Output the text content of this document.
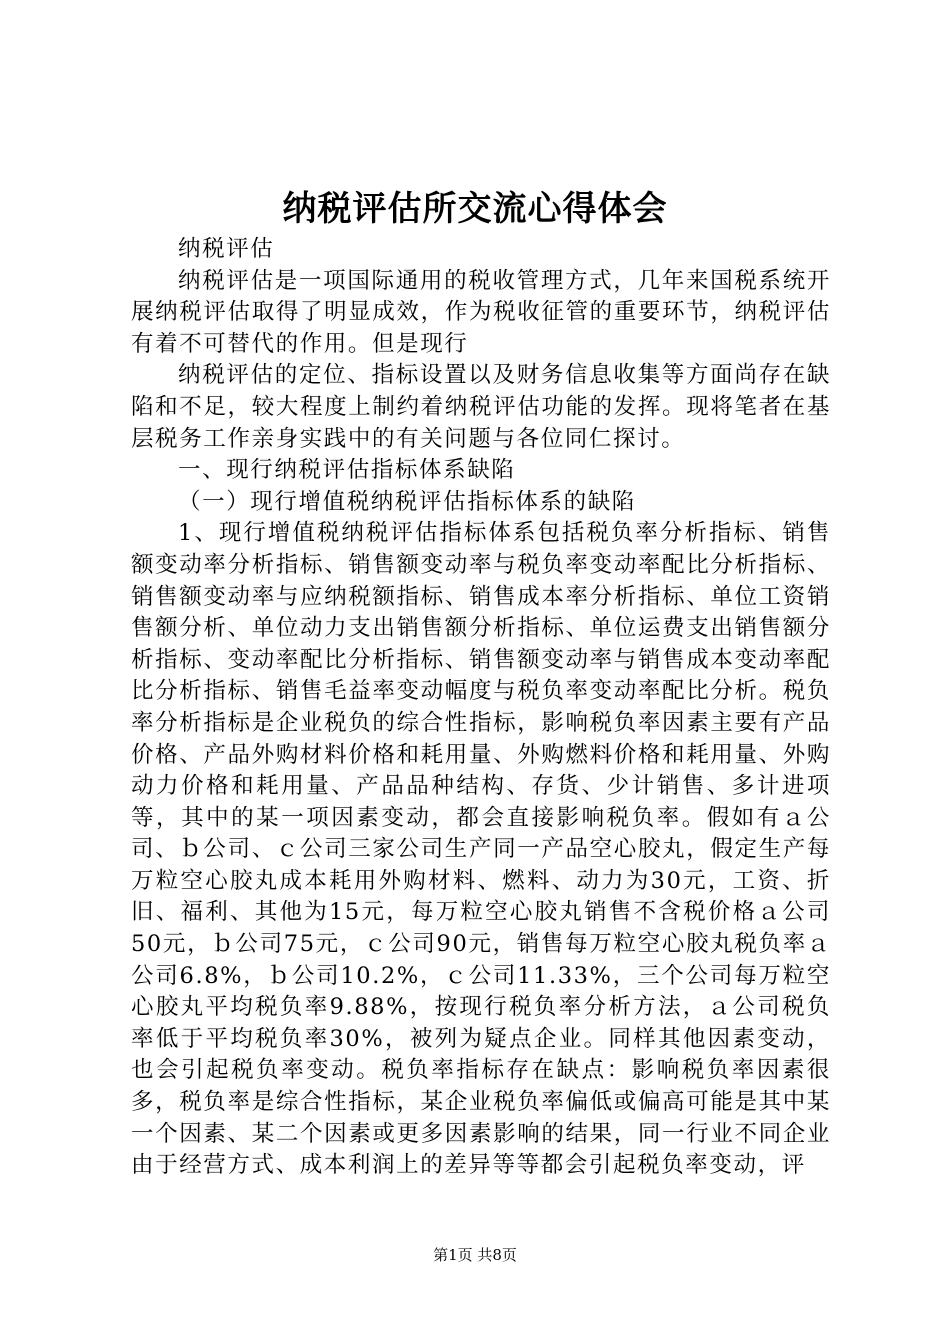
纳税评估所交流心得体会

纳税评估

纳税评估是一项国际通用的税收管理方式，几年来国税系统开展纳税评估取得了明显成效，作为税收征管的重要环节，纳税评估有着不可替代的作用。但是现行

纳税评估的定位、指标设置以及财务信息收集等方面尚存在缺陷和不足，较大程度上制约着纳税评估功能的发挥。现将笔者在基层税务工作亲身实践中的有关问题与各位同仁探讨。

一、现行纳税评估指标体系缺陷

（一）现行增值税纳税评估指标体系的缺陷

1、现行增值税纳税评估指标体系包括税负率分析指标、销售额变动率分析指标、销售额变动率与税负率变动率配比分析指标、销售额变动率与应纳税额指标、销售成本率分析指标、单位工资销售额分析、单位动力支出销售额分析指标、单位运费支出销售额分析指标、变动率配比分析指标、销售额变动率与销售成本变动率配比分析指标、销售毛益率变动幅度与税负率变动率配比分析。税负率分析指标是企业税负的综合性指标，影响税负率因素主要有产品价格、产品外购材料价格和耗用量、外购燃料价格和耗用量、外购动力价格和耗用量、产品品种结构、存货、少计销售、多计进项等，其中的某一项因素变动，都会直接影响税负率。假如有ａ公司、ｂ公司、ｃ公司三家公司生产同一产品空心胶丸，假定生产每万粒空心胶丸成本耗用外购材料、燃料、动力为30元，工资、折旧、福利、其他为15元，每万粒空心胶丸销售不含税价格ａ公司50元，ｂ公司75元，ｃ公司90元，销售每万粒空心胶丸税负率ａ公司6.8%，ｂ公司10.2%，ｃ公司11.33%，三个公司每万粒空心胶丸平均税负率9.88%，按现行税负率分析方法，ａ公司税负率低于平均税负率30%，被列为疑点企业。同样其他因素变动，也会引起税负率变动。税负率指标存在缺点：影响税负率因素很多，税负率是综合性指标，某企业税负率偏低或偏高可能是其中某一个因素、某二个因素或更多因素影响的结果，同一行业不同企业由于经营方式、成本利润上的差异等等都会引起税负率变动，评

第1页 共8页
